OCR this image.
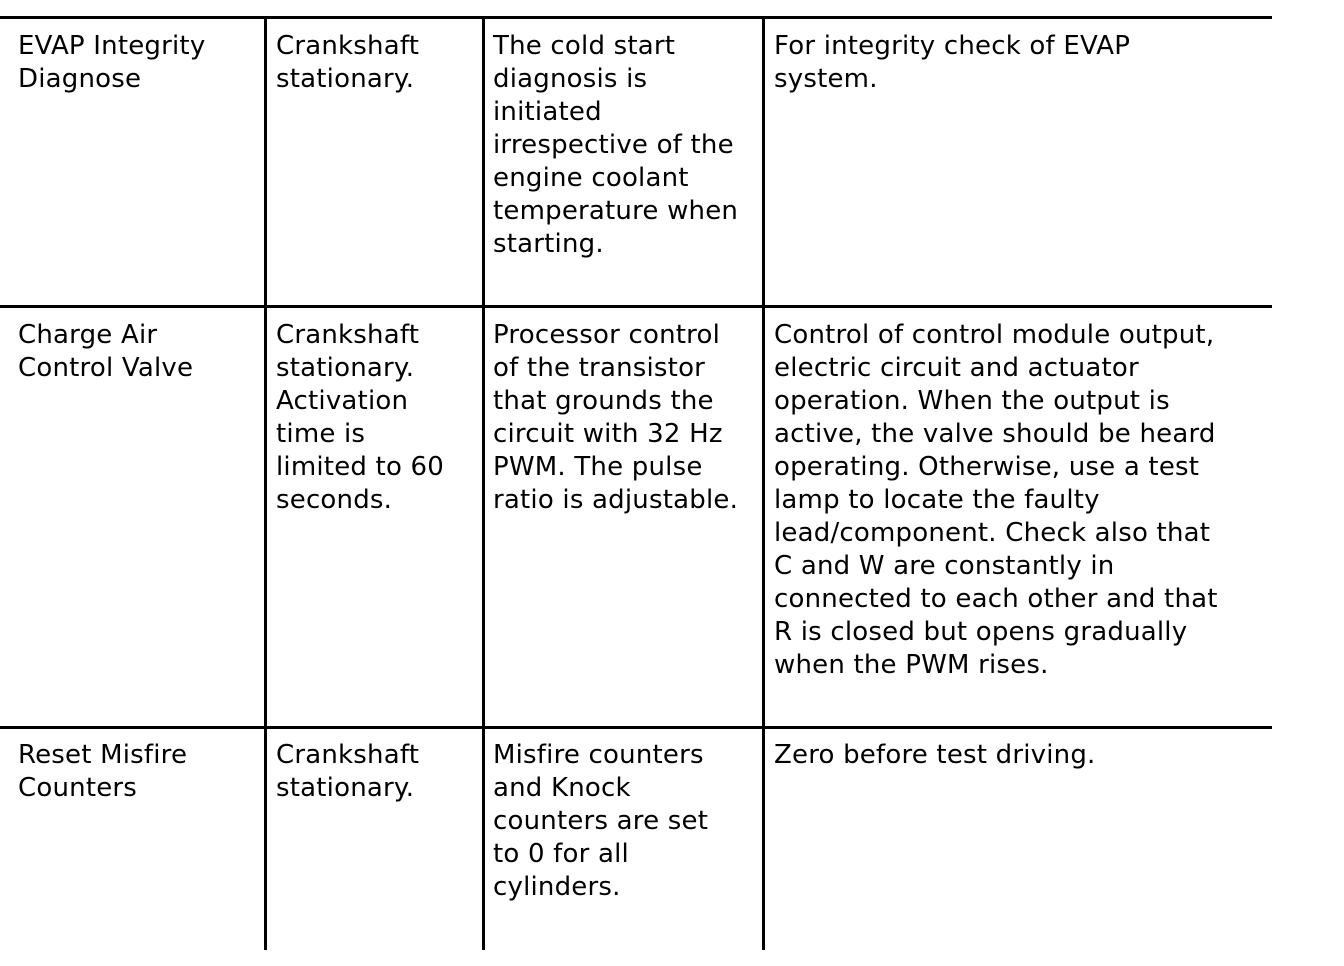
EVAP Integrity
Diagnose
Crankshaft
stationary.
The cold start
diagnosis is
initiated
irrespective of the
engine coolant
temperature when
starting.
For integrity check of EVAP
system.
Charge Air
Control Valve
Crankshaft
stationary.
Activation
time is
limited to 60
seconds.
Processor control
of the transistor
that grounds the
circuit with 32 Hz
PWM. The pulse
ratio is adjustable.
Control of control module output,
electric circuit and actuator
operation. When the output is
active, the valve should be heard
operating. Otherwise, use a test
lamp to locate the faulty
lead/component. Check also that
C and W are constantly in
connected to each other and that
R is closed but opens gradually
when the PWM rises.
Reset Misfire
Counters
Crankshaft
stationary.
Misfire counters
and Knock
counters are set
to 0 for all
cylinders.
Zero before test driving.
